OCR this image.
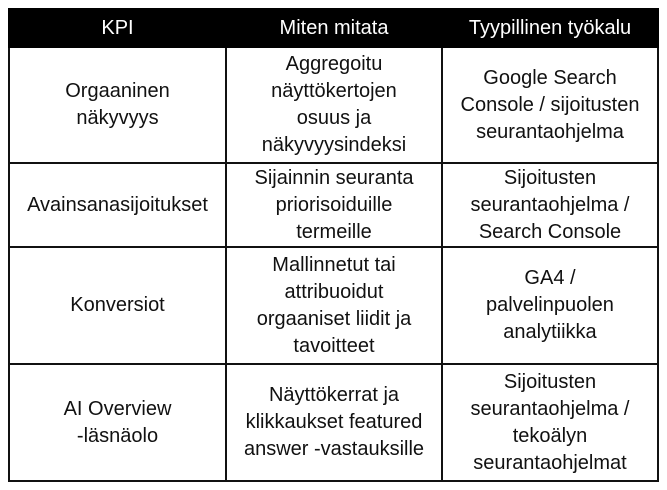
KPI	Miten mitata	Tyypillinen työkalu

Orgaaninen
näkyvyys	Aggregoitu
näyttökertojen
osuus ja
näkyvyysindeksi	Google Search
Console / sijoitusten
seurantaohjelma

Avainsanasijoitukset	Sijainnin seuranta
priorisoiduille
termeille	Sijoitusten
seurantaohjelma /
Search Console

Konversiot	Mallinnetut tai
attribuoidut
orgaaniset liidit ja
tavoitteet	GA4 /
palvelinpuolen
analytiikka

AI Overview
-läsnäolo	Näyttökerrat ja
klikkaukset featured
answer -vastauksille	Sijoitusten
seurantaohjelma /
tekoälyn
seurantaohjelmat
